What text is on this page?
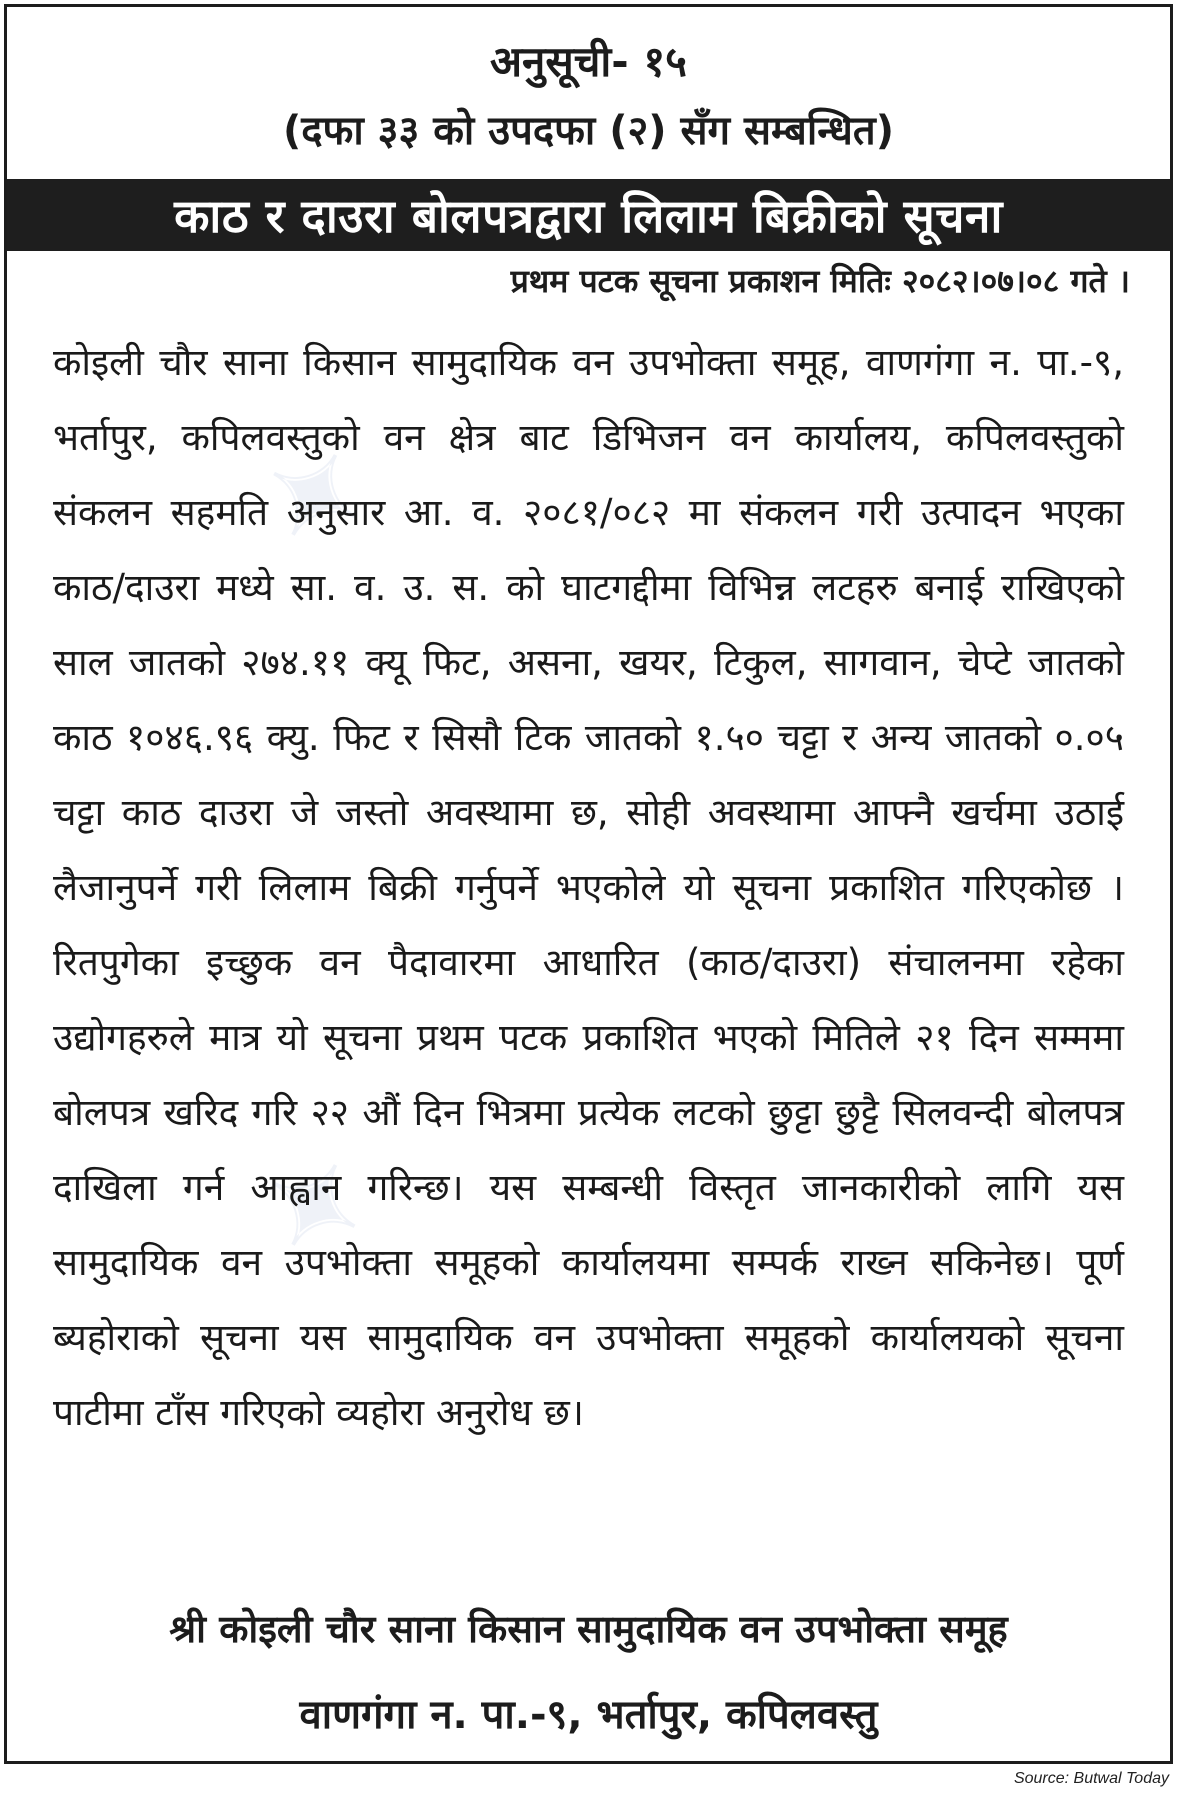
✦
✦
अनुसूची- १५
(दफा ३३ को उपदफा (२) सँग सम्बन्धित)
काठ र दाउरा बोलपत्रद्वारा लिलाम बिक्रीको सूचना
प्रथम पटक सूचना प्रकाशन मितिः २०८२।०७।०८ गते ।

कोइली चौर साना किसान सामुदायिक वन उपभोक्ता समूह, वाणगंगा न. पा.-९, भर्तापुर, कपिलवस्तुको वन क्षेत्र बाट डिभिजन वन कार्यालय, कपिलवस्तुको संकलन सहमति अनुसार आ. व. २०८१/०८२ मा संकलन गरी उत्पादन भएका काठ/दाउरा मध्ये सा. व. उ. स. को घाटगद्दीमा विभिन्न लटहरु बनाई राखिएको साल जातको २७४.११ क्यू फिट, असना, खयर, टिकुल, सागवान, चेप्टे जातको काठ १०४६.९६ क्यु. फिट र सिसौ टिक जातको १.५० चट्टा र अन्य जातको ०.०५ चट्टा काठ दाउरा जे जस्तो अवस्थामा छ, सोही अवस्थामा आफ्नै खर्चमा उठाई लैजानुपर्ने गरी लिलाम बिक्री गर्नुपर्ने भएकोले यो सूचना प्रकाशित गरिएकोछ । रितपुगेका इच्छुक वन पैदावारमा आधारित (काठ/दाउरा) संचालनमा रहेका उद्योगहरुले मात्र यो सूचना प्रथम पटक प्रकाशित भएको मितिले २१ दिन सम्ममा बोलपत्र खरिद गरि २२ औं दिन भित्रमा प्रत्येक लटको छुट्टा छुट्टै सिलवन्दी बोलपत्र दाखिला गर्न आह्वान गरिन्छ। यस सम्बन्धी विस्तृत जानकारीको लागि यस सामुदायिक वन उपभोक्ता समूहको कार्यालयमा सम्पर्क राख्न सकिनेछ। पूर्ण ब्यहोराको सूचना यस सामुदायिक वन उपभोक्ता समूहको कार्यालयको सूचना पाटीमा टाँस गरिएको व्यहोरा अनुरोध छ।

श्री कोइली चौर साना किसान सामुदायिक वन उपभोक्ता समूह
वाणगंगा न. पा.-९, भर्तापुर, कपिलवस्तु
Source: Butwal Today
